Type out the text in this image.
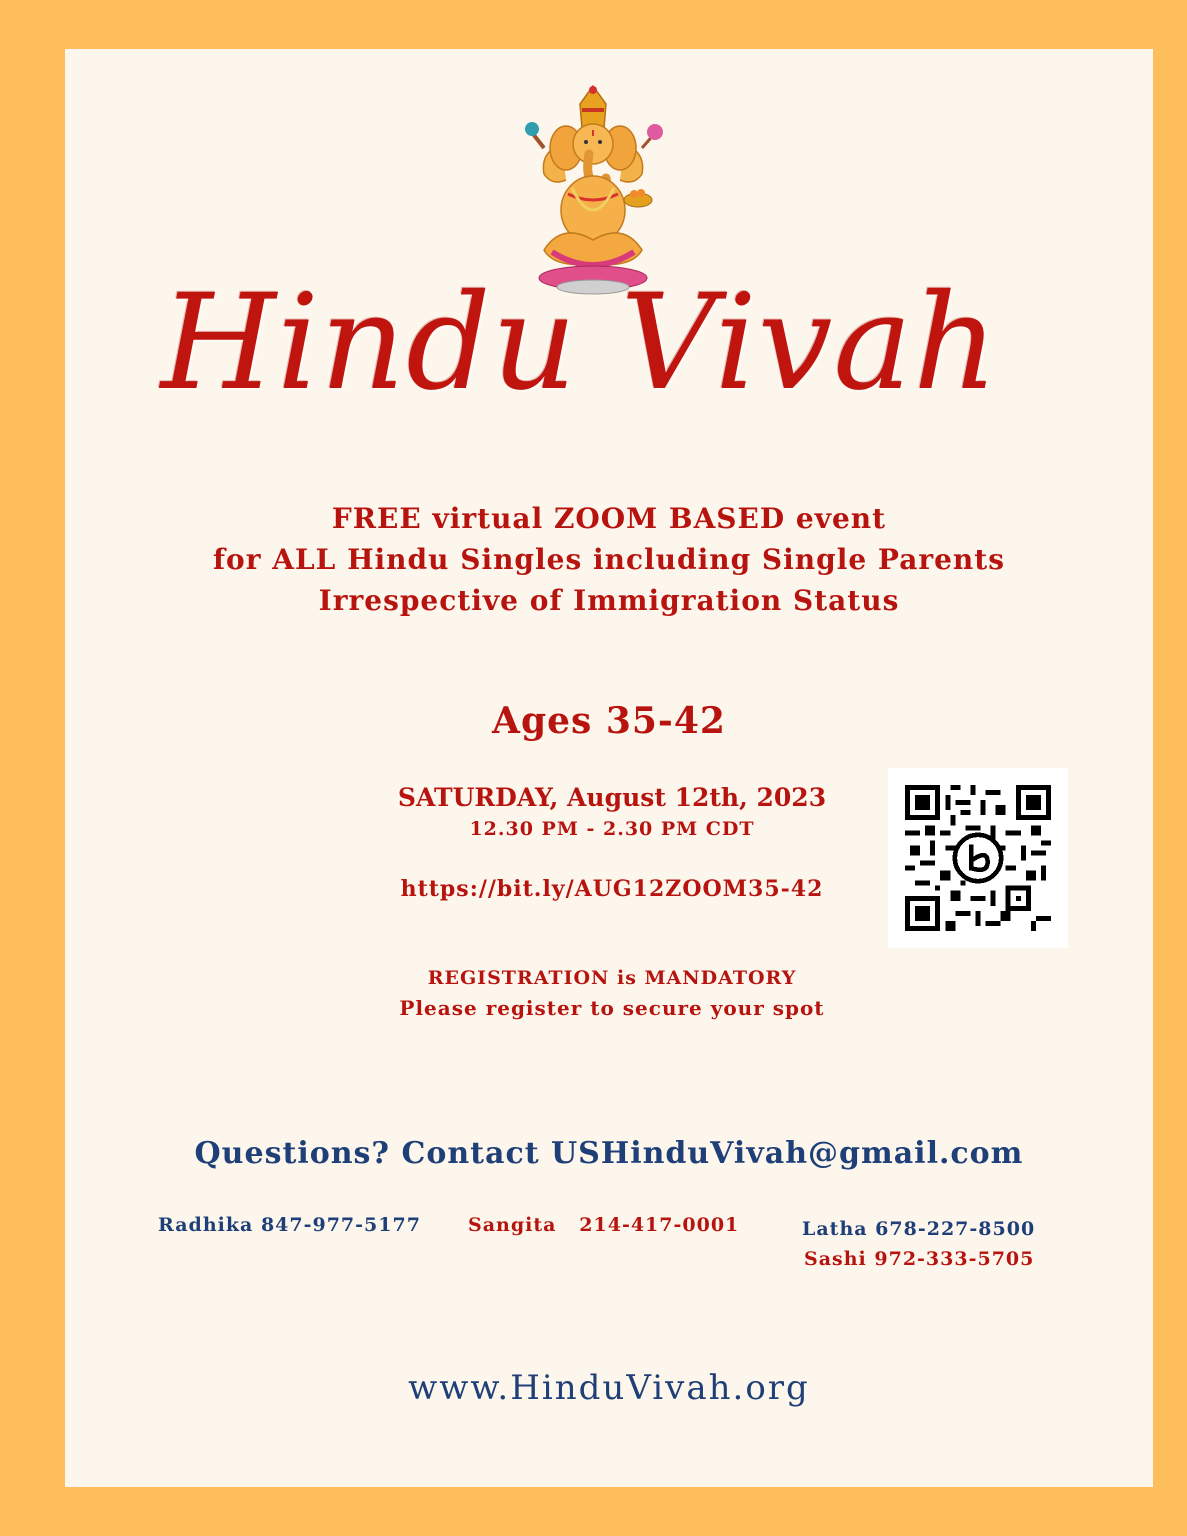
Hindu Vivah
FREE virtual ZOOM BASED event
for ALL Hindu Singles including Single Parents
Irrespective of Immigration Status
Ages 35-42
SATURDAY, August 12th, 2023
12.30 PM - 2.30 PM CDT
https://bit.ly/AUG12ZOOM35-42
REGISTRATION is MANDATORY
Please register to secure your spot
Questions? Contact USHinduVivah@gmail.com
Radhika 847-977-5177 Sangita   214-417-0001	Latha 678-227-8500
Sashi 972-333-5705
www.HinduVivah.org
